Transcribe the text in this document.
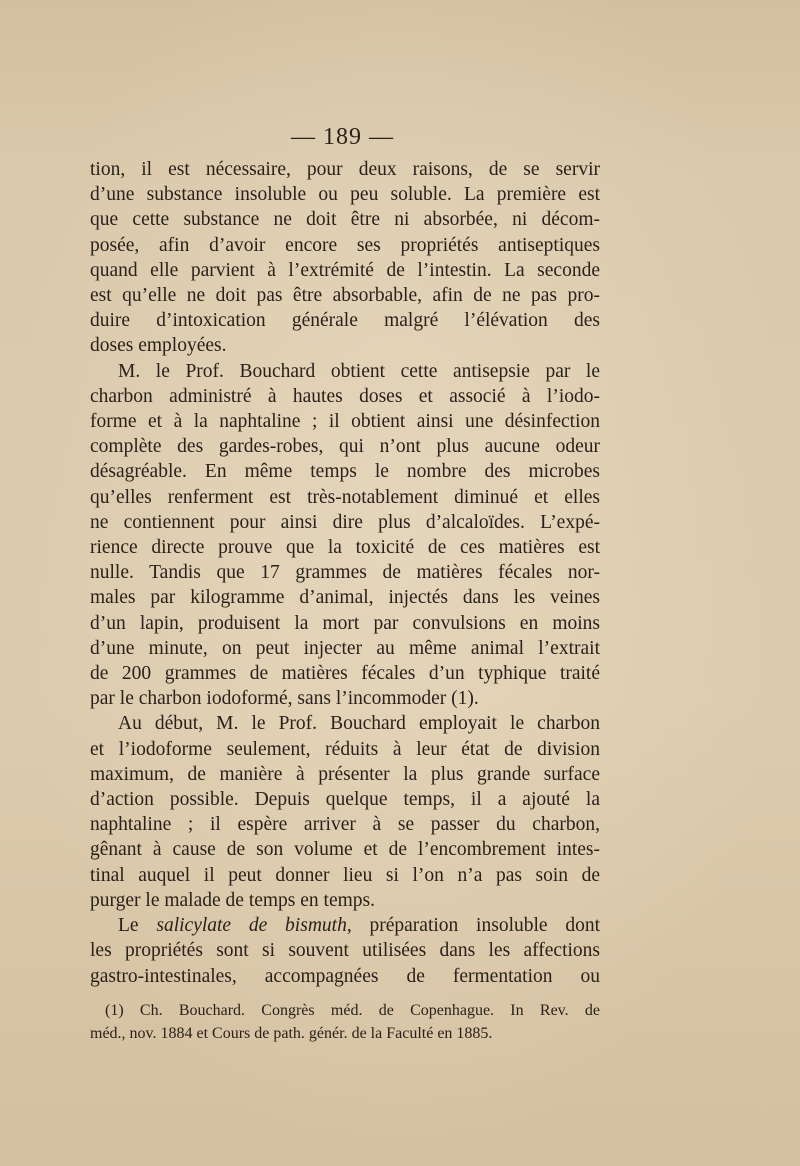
— 189 —
tion, il est nécessaire, pour deux raisons, de se servir
d’une substance insoluble ou peu soluble. La première est
que cette substance ne doit être ni absorbée, ni décom-
posée, afin d’avoir encore ses propriétés antiseptiques
quand elle parvient à l’extrémité de l’intestin. La seconde
est qu’elle ne doit pas être absorbable, afin de ne pas pro-
duire d’intoxication générale malgré l’élévation des
doses employées.
M. le Prof. Bouchard obtient cette antisepsie par le
charbon administré à hautes doses et associé à l’iodo-
forme et à la naphtaline ; il obtient ainsi une désinfection
complète des gardes-robes, qui n’ont plus aucune odeur
désagréable. En même temps le nombre des microbes
qu’elles renferment est très-notablement diminué et elles
ne contiennent pour ainsi dire plus d’alcaloïdes. L’expé-
rience directe prouve que la toxicité de ces matières est
nulle. Tandis que 17 grammes de matières fécales nor-
males par kilogramme d’animal, injectés dans les veines
d’un lapin, produisent la mort par convulsions en moins
d’une minute, on peut injecter au même animal l’extrait
de 200 grammes de matières fécales d’un typhique traité
par le charbon iodoformé, sans l’incommoder (1).
Au début, M. le Prof. Bouchard employait le charbon
et l’iodoforme seulement, réduits à leur état de division
maximum, de manière à présenter la plus grande surface
d’action possible. Depuis quelque temps, il a ajouté la
naphtaline ; il espère arriver à se passer du charbon,
gênant à cause de son volume et de l’encombrement intes-
tinal auquel il peut donner lieu si l’on n’a pas soin de
purger le malade de temps en temps.
Le salicylate de bismuth, préparation insoluble dont
les propriétés sont si souvent utilisées dans les affections
gastro-intestinales, accompagnées de fermentation ou
(1) Ch. Bouchard. Congrès méd. de Copenhague. In Rev. de
méd., nov. 1884 et Cours de path. génér. de la Faculté en 1885.
